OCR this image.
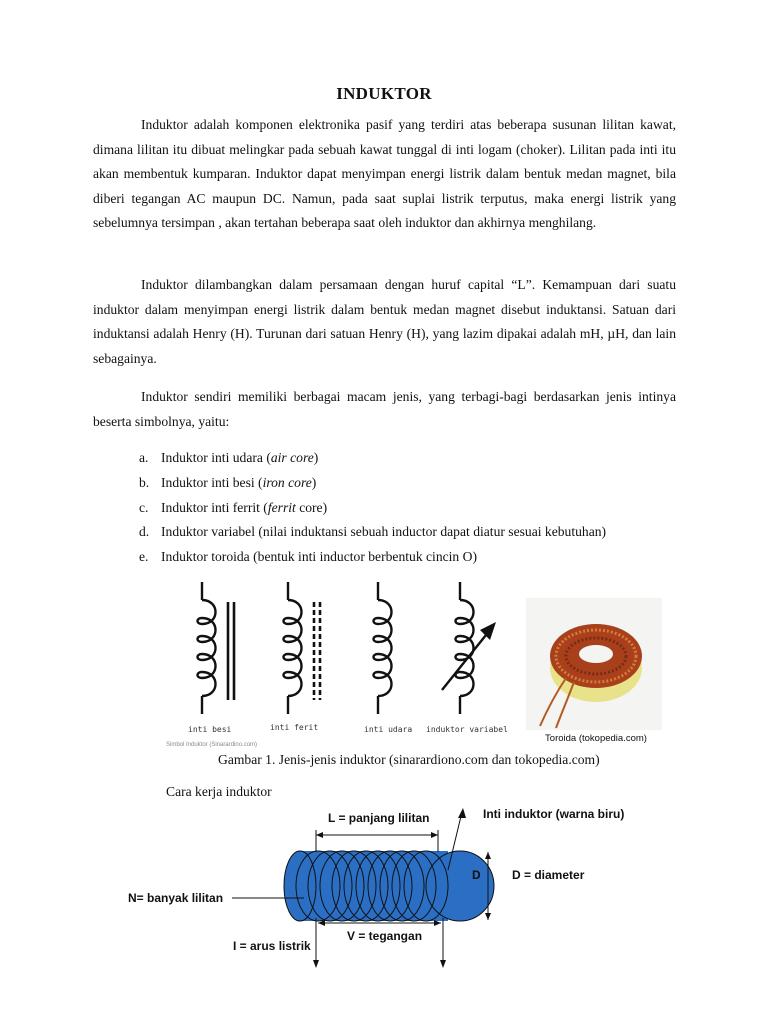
INDUKTOR

Induktor adalah komponen elektronika pasif yang terdiri atas beberapa susunan lilitan kawat, dimana lilitan itu dibuat melingkar pada sebuah kawat tunggal di inti logam (choker). Lilitan pada inti itu akan membentuk kumparan. Induktor dapat menyimpan energi listrik dalam bentuk medan magnet, bila diberi tegangan AC maupun DC. Namun, pada saat suplai listrik terputus, maka energi listrik yang sebelumnya tersimpan , akan tertahan beberapa saat oleh induktor dan akhirnya menghilang.

Induktor dilambangkan dalam persamaan dengan huruf capital “L”. Kemampuan dari suatu induktor dalam menyimpan energi listrik dalam bentuk medan magnet disebut induktansi. Satuan dari induktansi adalah Henry (H). Turunan dari satuan Henry (H), yang lazim dipakai adalah mH, µH, dan lain sebagainya.

Induktor sendiri memiliki berbagai macam jenis, yang terbagi-bagi berdasarkan jenis intinya beserta simbolnya, yaitu:

a. Induktor inti udara (air core)
b. Induktor inti besi (iron core)
c. Induktor inti ferrit (ferrit core)
d. Induktor variabel (nilai induktansi sebuah inductor dapat diatur sesuai kebutuhan)
e. Induktor toroida (bentuk inti inductor berbentuk cincin O)
inti besi	inti ferit	inti udara induktor variabel
Simbol Induktor (Sinarardino.com)
Toroida (tokopedia.com)
Gambar 1. Jenis-jenis induktor (sinarardiono.com dan tokopedia.com)
Cara kerja induktor
L = panjang lilitan	Inti induktor (warna biru)
D	D = diameter
N= banyak lilitan
V = tegangan
I = arus listrik
